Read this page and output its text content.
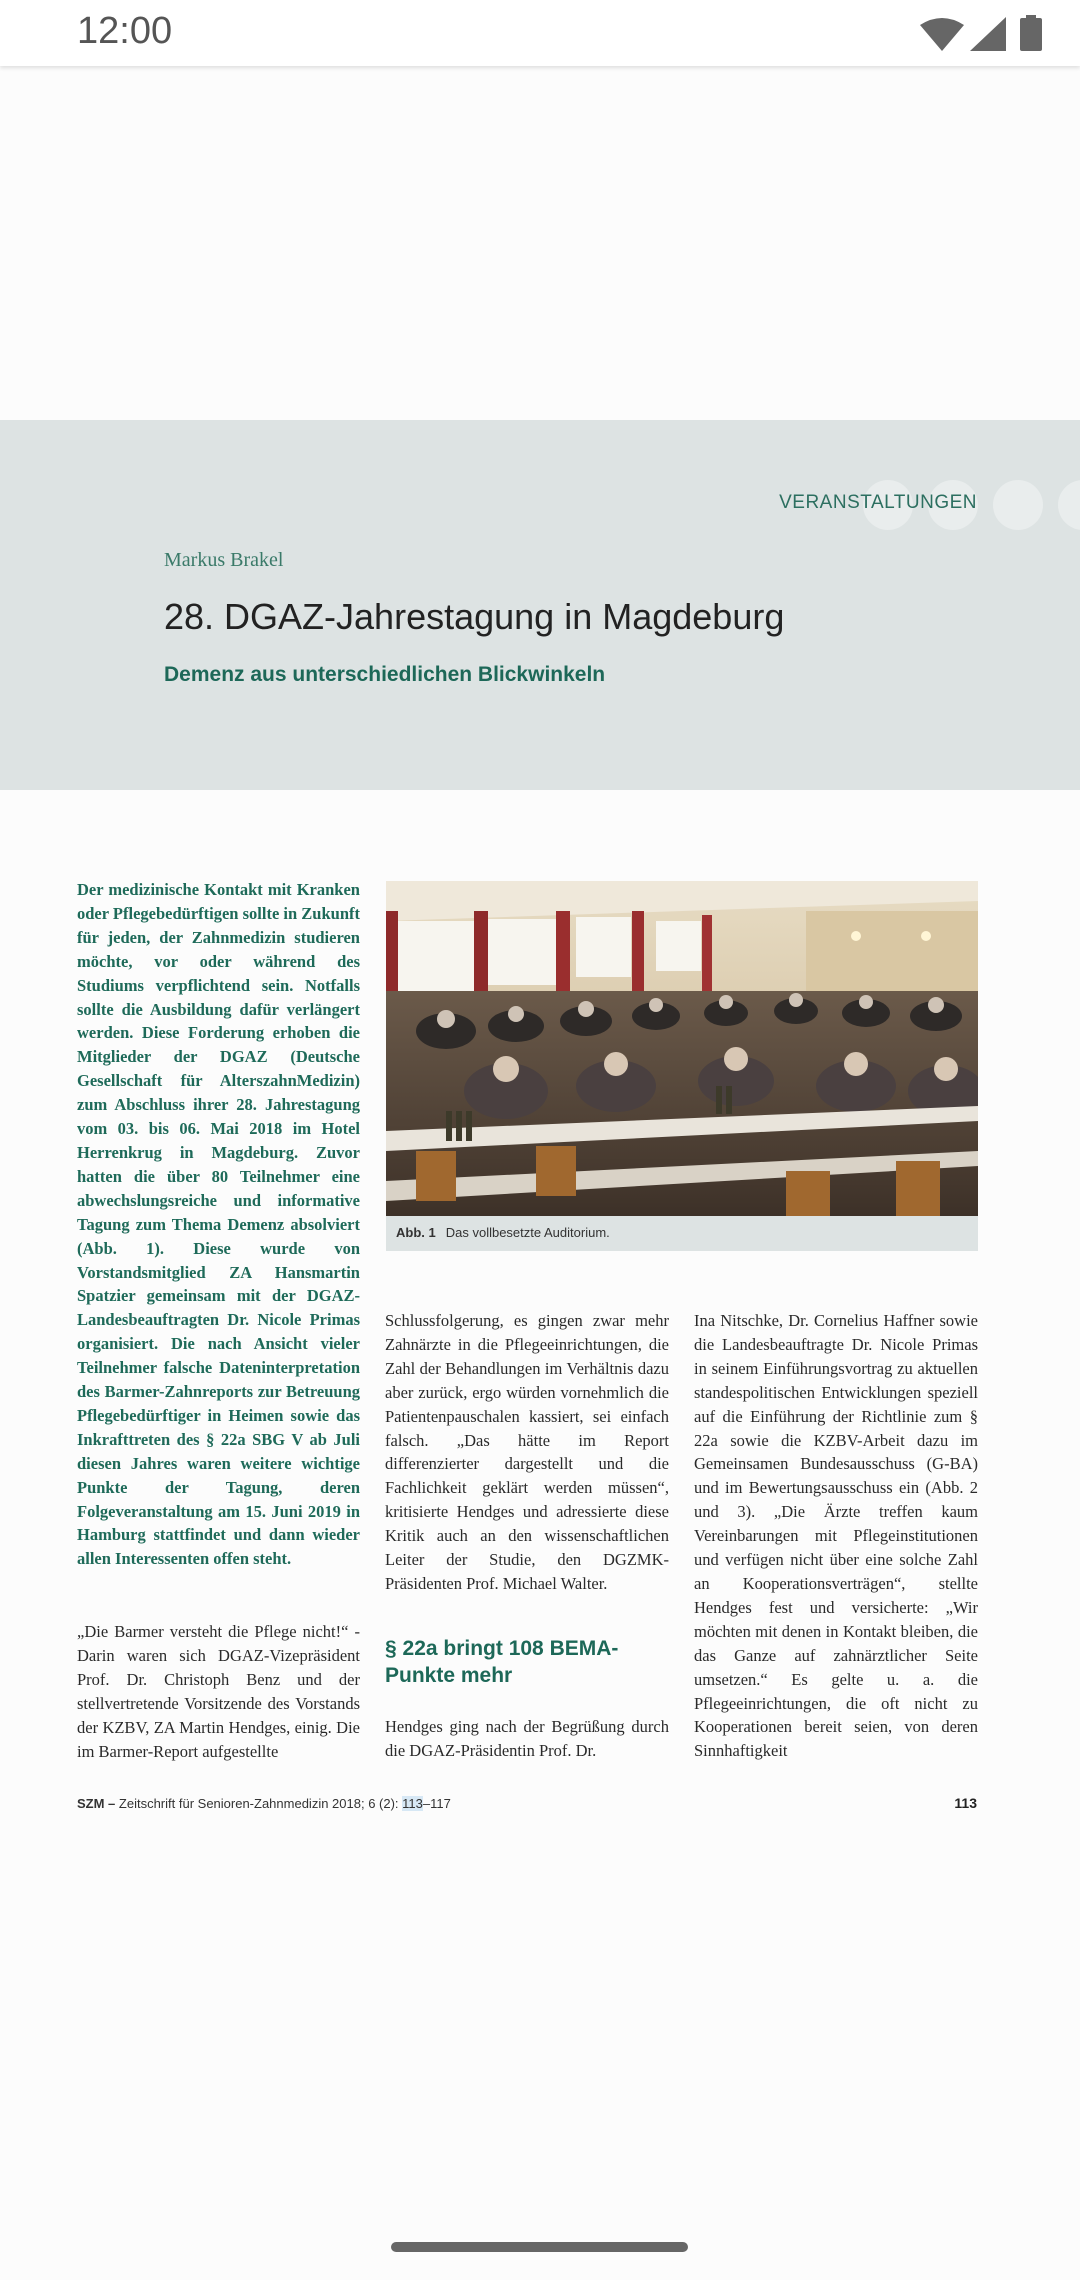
12:00
VERANSTALTUNGEN
Markus Brakel
28. DGAZ-Jahrestagung in Magdeburg
Demenz aus unterschiedlichen Blickwinkeln
Der medizinische Kontakt mit Kranken oder Pflegebedürftigen sollte in Zukunft für jeden, der Zahnmedizin studieren möchte, vor oder während des Studiums verpflichtend sein. Notfalls sollte die Ausbildung dafür verlängert werden. Diese Forderung erhoben die Mitglieder der DGAZ (Deutsche Gesellschaft für AlterszahnMedizin) zum Abschluss ihrer 28. Jahrestagung vom 03. bis 06. Mai 2018 im Hotel Herrenkrug in Magdeburg. Zuvor hatten die über 80 Teilnehmer eine abwechslungsreiche und informative Tagung zum Thema Demenz absolviert (Abb. 1). Diese wurde von Vorstandsmitglied ZA Hansmartin Spatzier gemeinsam mit der DGAZ-Landesbeauftragten Dr. Nicole Primas organisiert. Die nach Ansicht vieler Teilnehmer falsche Dateninterpretation des Barmer-Zahnreports zur Betreuung Pflegebedürftiger in Heimen sowie das Inkrafttreten des § 22a SBG V ab Juli diesen Jahres waren weitere wichtige Punkte der Tagung, deren Folgeveranstaltung am 15. Juni 2019 in Hamburg stattfindet und dann wieder allen Interessenten offen steht.
Abb. 1 Das vollbesetzte Auditorium.
Schlussfolgerung, es gingen zwar mehr Zahnärzte in die Pflegeeinrichtungen, die Zahl der Behandlungen im Verhältnis dazu aber zurück, ergo würden vornehmlich die Patientenpauschalen kassiert, sei einfach falsch. „Das hätte im Report differenzierter dargestellt und die Fachlichkeit geklärt werden müssen“, kritisierte Hendges und adressierte diese Kritik auch an den wissenschaftlichen Leiter der Studie, den DGZMK-Präsidenten Prof. Michael Walter.
§ 22a bringt 108 BEMA-Punkte mehr
Hendges ging nach der Begrüßung durch die DGAZ-Präsidentin Prof. Dr.
Ina Nitschke, Dr. Cornelius Haffner sowie die Landesbeauftragte Dr. Nicole Primas in seinem Einführungsvortrag zu aktuellen standespolitischen Entwicklungen speziell auf die Einführung der Richtlinie zum § 22a sowie die KZBV-Arbeit dazu im Gemeinsamen Bundesausschuss (G-BA) und im Bewertungsausschuss ein (Abb. 2 und 3). „Die Ärzte treffen kaum Vereinbarungen mit Pflegeinstitutionen und verfügen nicht über eine solche Zahl an Kooperationsverträgen“, stellte Hendges fest und versicherte: „Wir möchten mit denen in Kontakt bleiben, die das Ganze auf zahnärztlicher Seite umsetzen.“ Es gelte u. a. die Pflegeeinrichtungen, die oft nicht zu Kooperationen bereit seien, von deren Sinnhaftigkeit
„Die Barmer versteht die Pflege nicht!“ - Darin waren sich DGAZ-Vizepräsident Prof. Dr. Christoph Benz und der stellvertretende Vorsitzende des Vorstands der KZBV, ZA Martin Hendges, einig. Die im Barmer-Report aufgestellte
SZM – Zeitschrift für Senioren-Zahnmedizin 2018; 6 (2): 113–117	113
